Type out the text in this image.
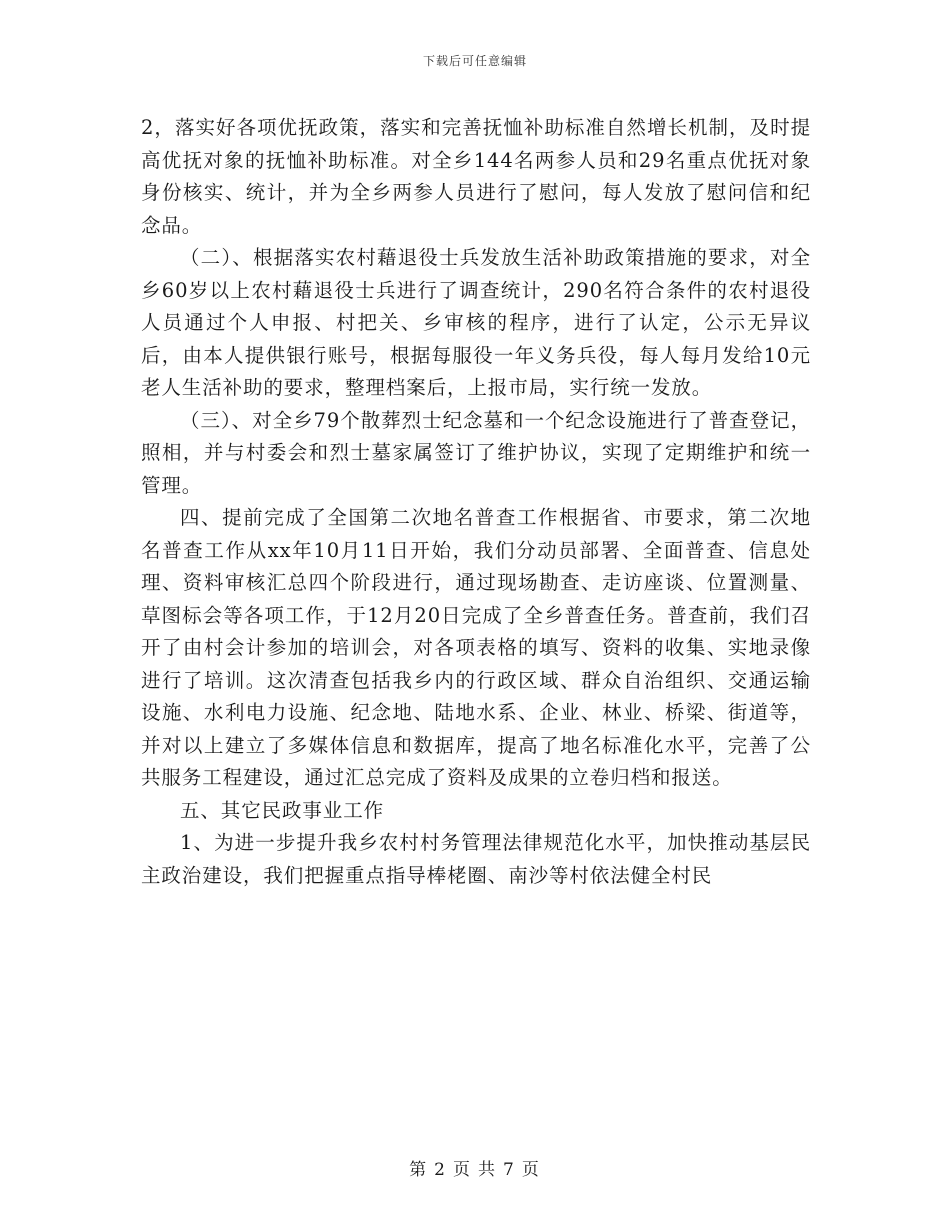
下载后可任意编辑

2，落实好各项优抚政策，落实和完善抚恤补助标准自然增长机制，及时提高优抚对象的抚恤补助标准。对全乡144名两参人员和29名重点优抚对象身份核实、统计，并为全乡两参人员进行了慰问，每人发放了慰问信和纪念品。

（二）、根据落实农村藉退役士兵发放生活补助政策措施的要求，对全乡60岁以上农村藉退役士兵进行了调查统计，290名符合条件的农村退役人员通过个人申报、村把关、乡审核的程序，进行了认定，公示无异议后，由本人提供银行账号，根据每服役一年义务兵役，每人每月发给10元老人生活补助的要求，整理档案后，上报市局，实行统一发放。

（三）、对全乡79个散葬烈士纪念墓和一个纪念设施进行了普查登记，照相，并与村委会和烈士墓家属签订了维护协议，实现了定期维护和统一管理。

四、提前完成了全国第二次地名普查工作根据省、市要求，第二次地名普查工作从xx年10月11日开始，我们分动员部署、全面普查、信息处理、资料审核汇总四个阶段进行，通过现场勘查、走访座谈、位置测量、草图标会等各项工作，于12月20日完成了全乡普查任务。普查前，我们召开了由村会计参加的培训会，对各项表格的填写、资料的收集、实地录像进行了培训。这次清查包括我乡内的行政区域、群众自治组织、交通运输设施、水利电力设施、纪念地、陆地水系、企业、林业、桥梁、街道等，并对以上建立了多媒体信息和数据库，提高了地名标准化水平，完善了公共服务工程建设，通过汇总完成了资料及成果的立卷归档和报送。

五、其它民政事业工作

1、为进一步提升我乡农村村务管理法律规范化水平，加快推动基层民主政治建设，我们把握重点指导棒栳圈、南沙等村依法健全村民

第 2 页 共 7 页
